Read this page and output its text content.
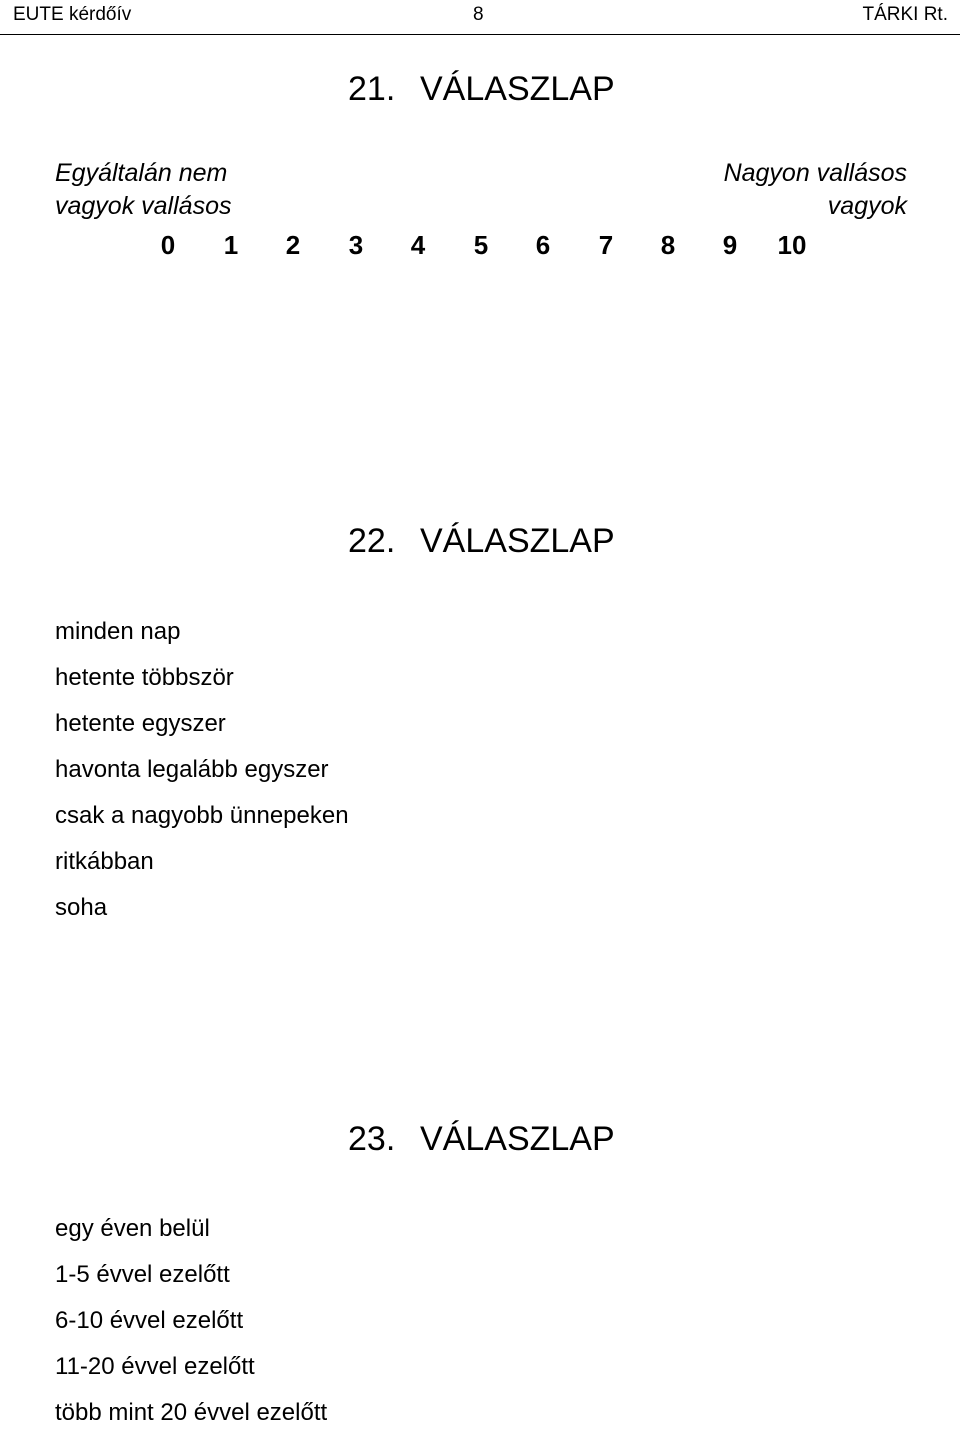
EUTE kérdőív	8	TÁRKI Rt.
21. VÁLASZLAP
Egyáltalán nem
vagyok vallásos
Nagyon vallásos
vagyok
0	1	2	3	4	5	6	7	8	9	10
22. VÁLASZLAP
minden nap
hetente többször
hetente egyszer
havonta legalább egyszer
csak a nagyobb ünnepeken
ritkábban
soha
23. VÁLASZLAP
egy éven belül
1-5 évvel ezelőtt
6-10 évvel ezelőtt
11-20 évvel ezelőtt
több mint 20 évvel ezelőtt
